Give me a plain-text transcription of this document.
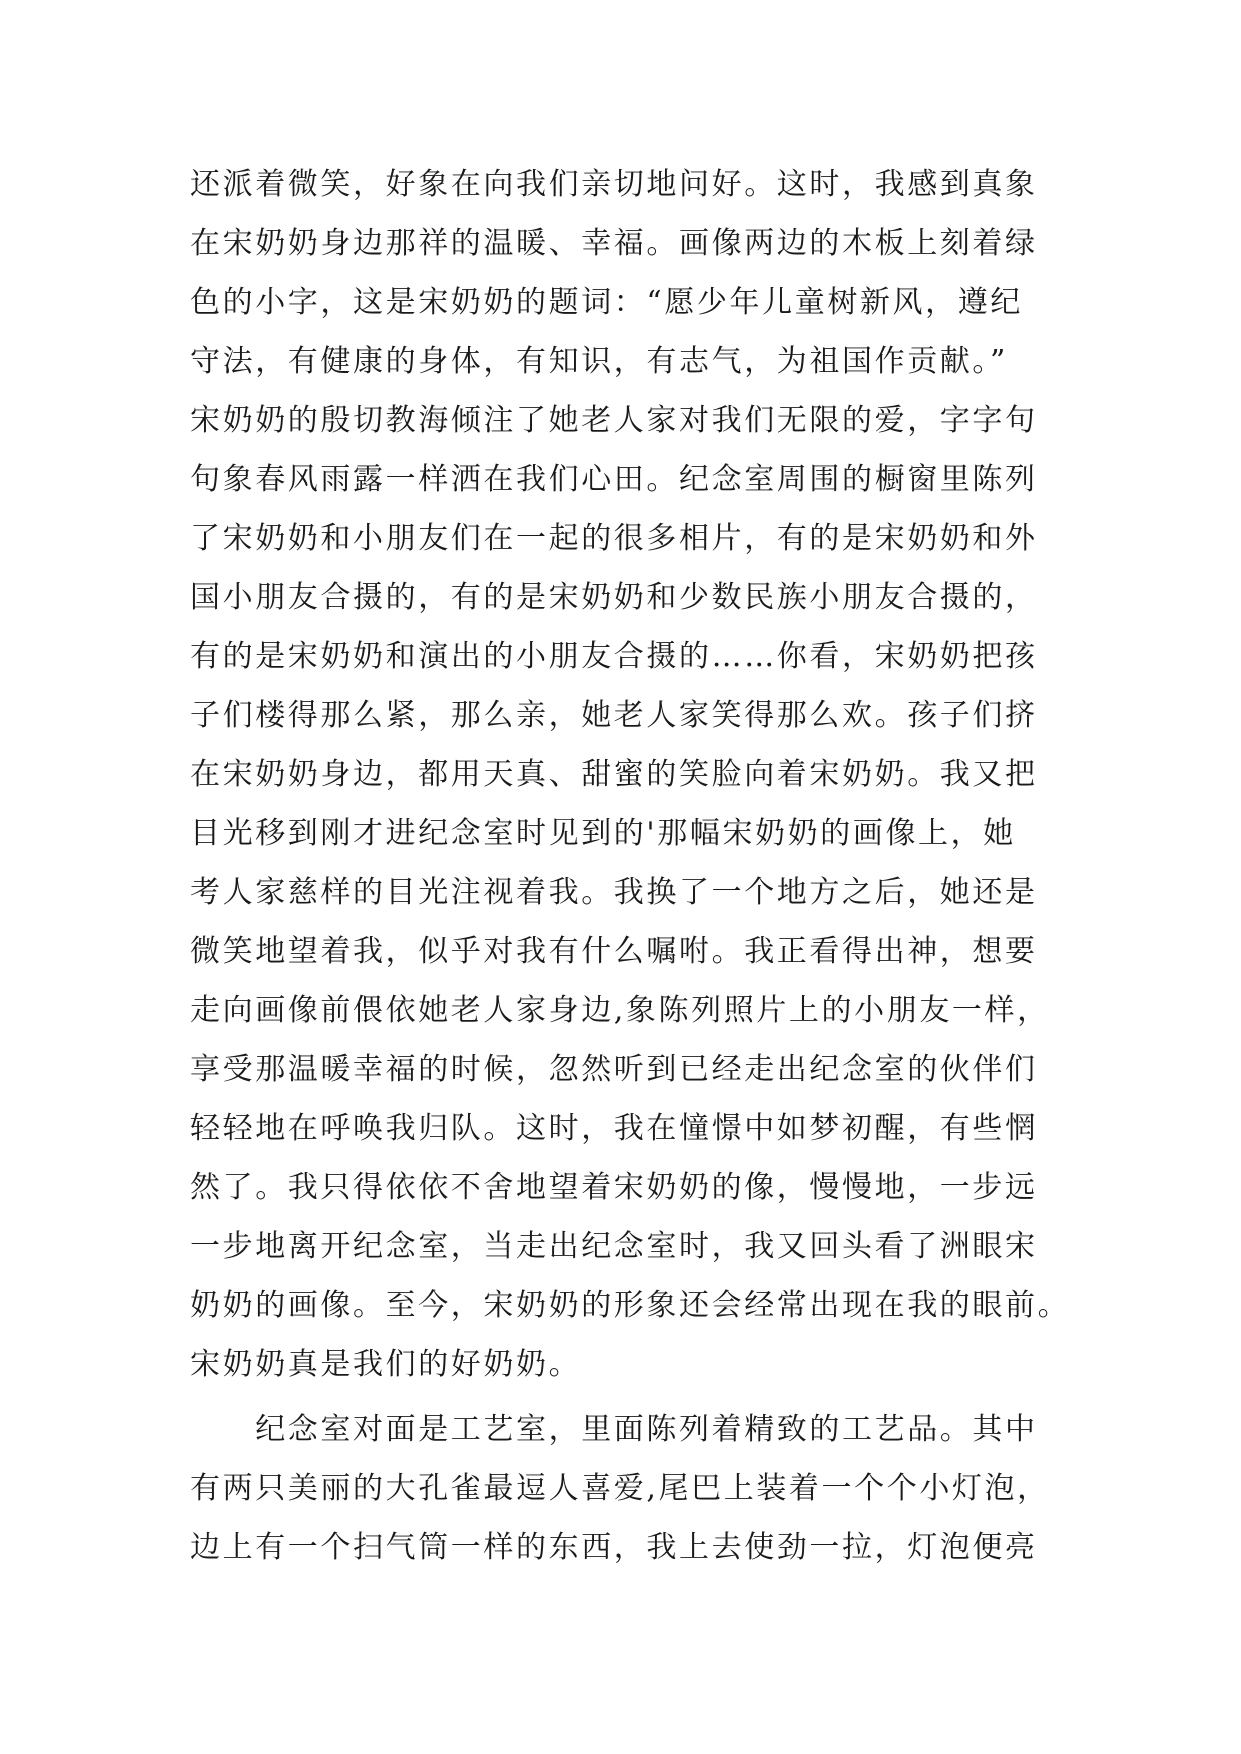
还派着微笑，好象在向我们亲切地问好。这时，我感到真象
在宋奶奶身边那祥的温暖、幸福。画像两边的木板上刻着绿
色的小字，这是宋奶奶的题词：“愿少年儿童树新风，遵纪
守法，有健康的身体，有知识，有志气，为祖国作贡献。”
宋奶奶的殷切教海倾注了她老人家对我们无限的爱，字字句
句象春风雨露一样洒在我们心田。纪念室周围的橱窗里陈列
了宋奶奶和小朋友们在一起的很多相片，有的是宋奶奶和外
国小朋友合摄的，有的是宋奶奶和少数民族小朋友合摄的，
有的是宋奶奶和演出的小朋友合摄的……你看，宋奶奶把孩
子们楼得那么紧，那么亲，她老人家笑得那么欢。孩子们挤
在宋奶奶身边，都用天真、甜蜜的笑脸向着宋奶奶。我又把
目光移到刚才进纪念室时见到的'那幅宋奶奶的画像上，她
考人家慈样的目光注视着我。我换了一个地方之后，她还是
微笑地望着我，似乎对我有什么嘱咐。我正看得出神，想要
走向画像前偎依她老人家身边,象陈列照片上的小朋友一样，
享受那温暖幸福的时候，忽然听到已经走出纪念室的伙伴们
轻轻地在呼唤我归队。这时，我在憧憬中如梦初醒，有些惘
然了。我只得依依不舍地望着宋奶奶的像，慢慢地，一步远
一步地离开纪念室，当走出纪念室时，我又回头看了洲眼宋
奶奶的画像。至今，宋奶奶的形象还会经常出现在我的眼前。
宋奶奶真是我们的好奶奶。
　　纪念室对面是工艺室，里面陈列着精致的工艺品。其中
有两只美丽的大孔雀最逗人喜爱,尾巴上装着一个个小灯泡，
边上有一个扫气筒一样的东西，我上去使劲一拉，灯泡便亮
